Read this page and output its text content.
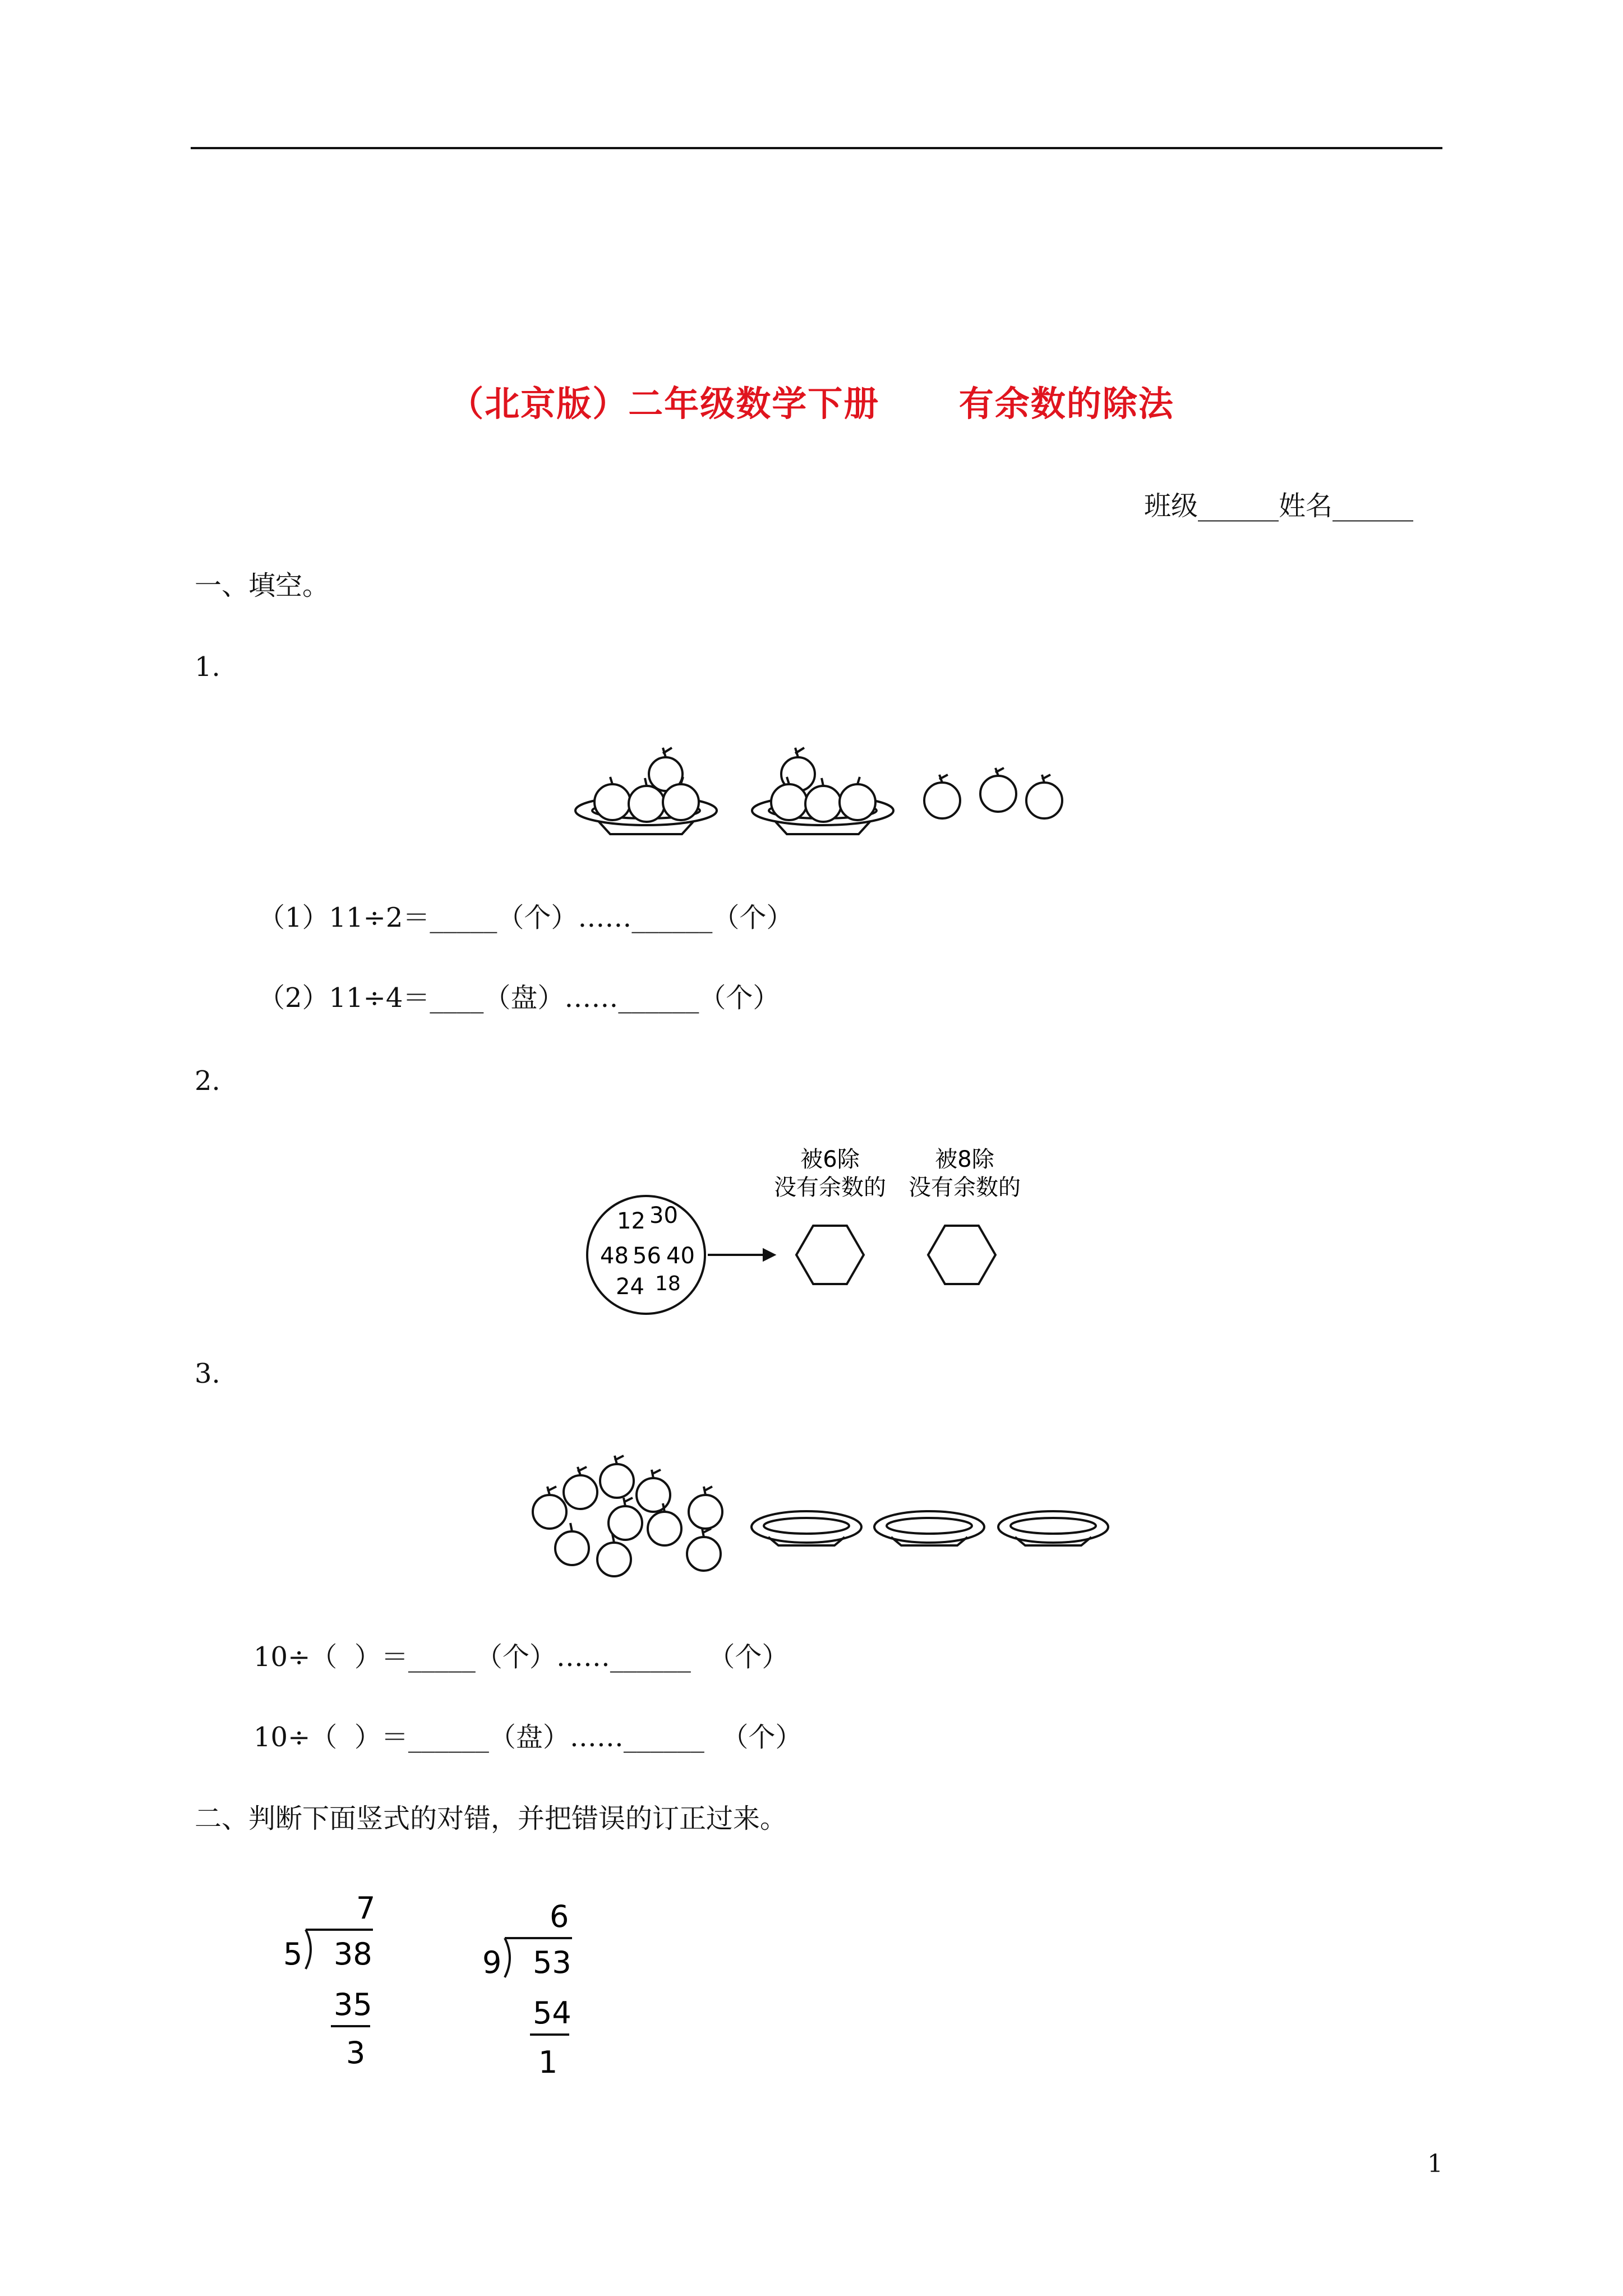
（北京版）二年级数学下册      有余数的除法
班级______姓名______
一、填空。
1.
（1）11÷2＝_____（个）……______（个）
（2）11÷4＝____（盘）……______（个）
2.
12 30
48 56 40
24 18
被6除
没有余数的
被8除
没有余数的
3.
10÷（  ）＝_____（个）……______  （个）
10÷（  ）＝______（盘）……______  （个）
二、判断下面竖式的对错，并把错误的订正过来。
7
5 38
35
3
6
9 53
54
1
1
